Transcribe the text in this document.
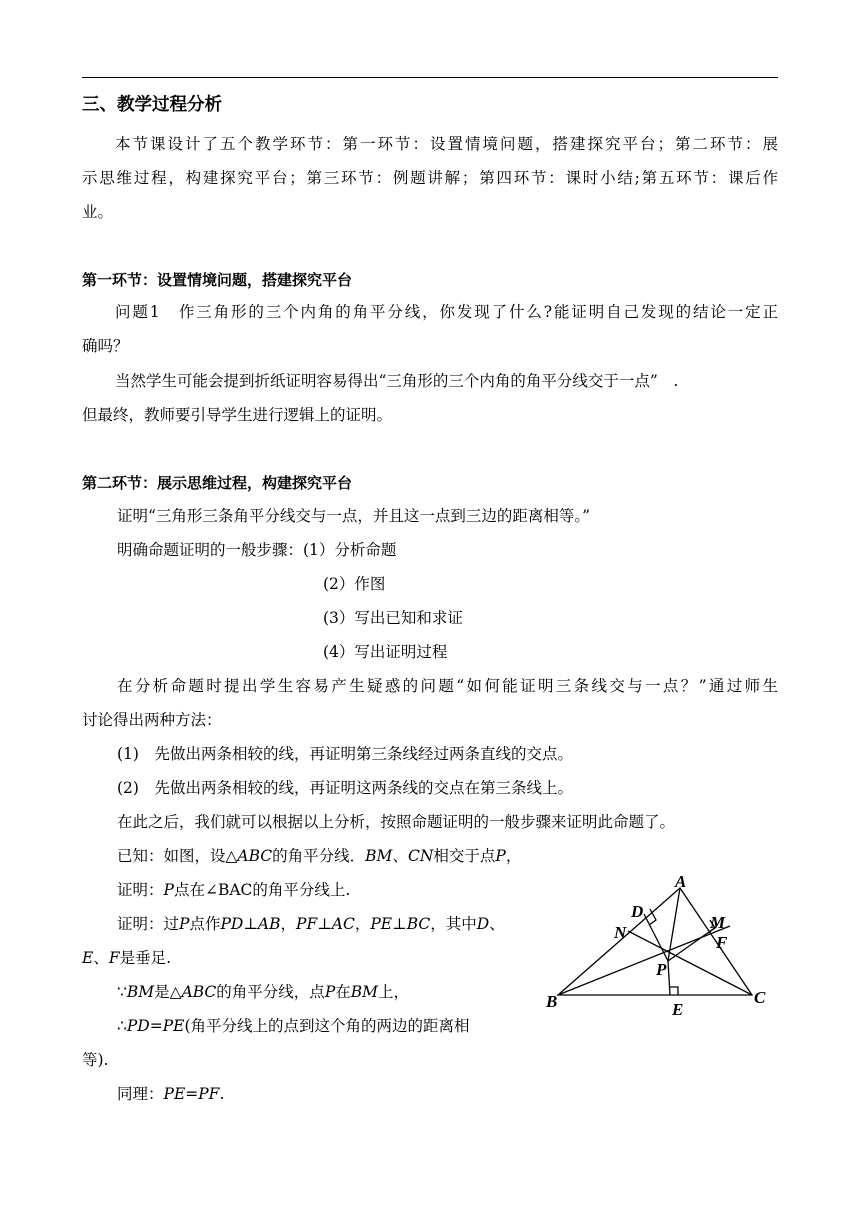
三、教学过程分析
本节课设计了五个教学环节：第一环节：设置情境问题，搭建探究平台；第二环节：展
示思维过程，构建探究平台；第三环节：例题讲解；第四环节：课时小结;第五环节：课后作
业。
第一环节：设置情境问题，搭建探究平台
问题1　作三角形的三个内角的角平分线，你发现了什么?能证明自己发现的结论一定正
确吗？
当然学生可能会提到折纸证明容易得出“三角形的三个内角的角平分线交于一点”　.
但最终，教师要引导学生进行逻辑上的证明。
第二环节：展示思维过程，构建探究平台
证明“三角形三条角平分线交与一点，并且这一点到三边的距离相等。”
明确命题证明的一般步骤：(1）分析命题
(2）作图
(3）写出已知和求证
(4）写出证明过程
在分析命题时提出学生容易产生疑惑的问题“如何能证明三条线交与一点？”通过师生
讨论得出两种方法：
(1)　先做出两条相较的线，再证明第三条线经过两条直线的交点。
(2)　先做出两条相较的线，再证明这两条线的交点在第三条线上。
在此之后，我们就可以根据以上分析，按照命题证明的一般步骤来证明此命题了。
已知：如图，设△ABC的角平分线．BM、CN相交于点P，
证明：P点在∠BAC的角平分线上.
证明：过P点作PD⊥AB，PF⊥AC，PE⊥BC，其中D、
E、F是垂足.
∵BM是△ABC的角平分线，点P在BM上，
∴PD=PE(角平分线上的点到这个角的两边的距离相
等).
同理：PE=PF.
A
D
N
M
F
P
B	C
E
